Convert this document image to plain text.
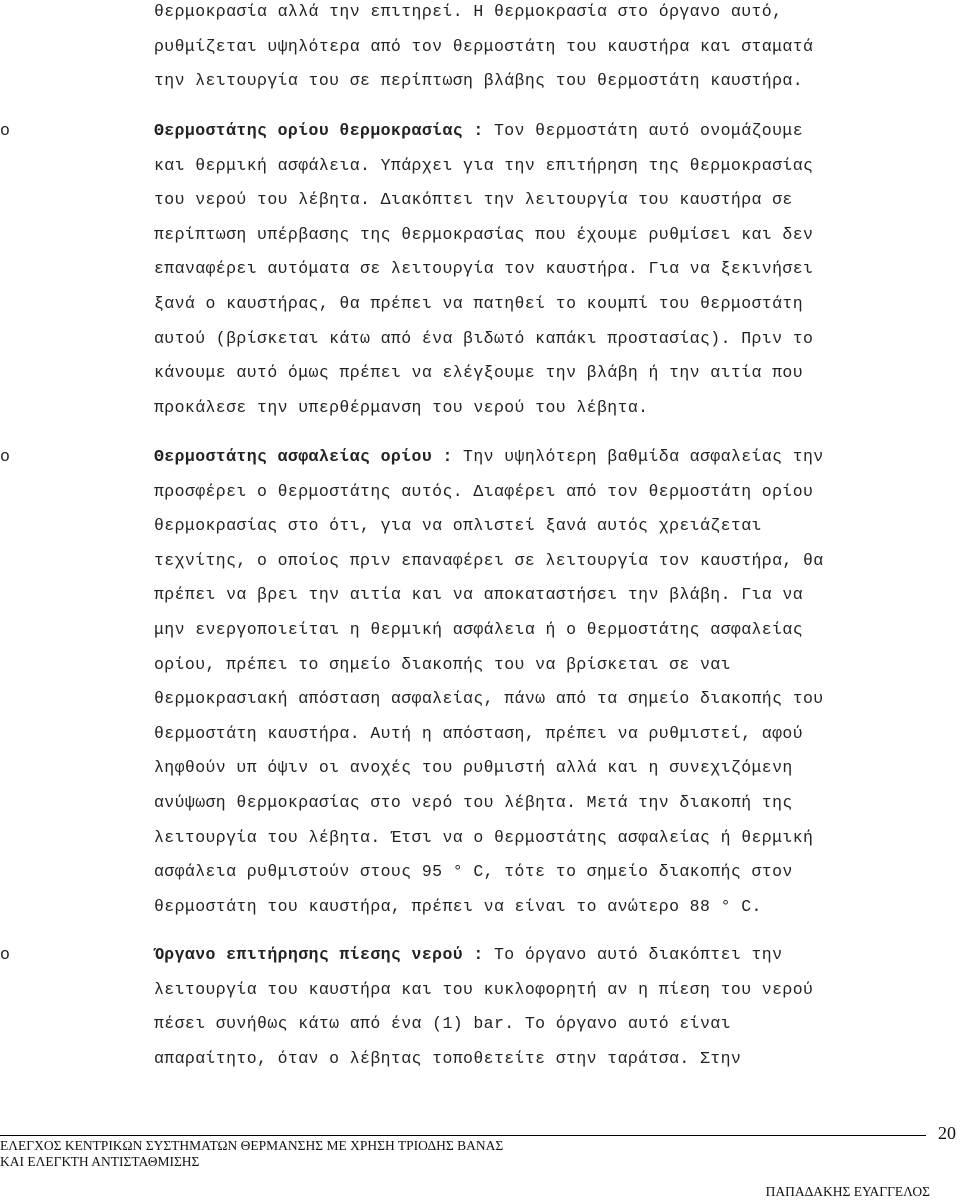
θερμοκρασία αλλά την επιτηρεί. Η θερμοκρασία στο όργανο αυτό,
ρυθμίζεται υψηλότερα από τον θερμοστάτη του καυστήρα και σταματά
την λειτουργία του σε περίπτωση βλάβης του θερμοστάτη καυστήρα.
o	Θερμοστάτης ορίου θερμοκρασίας : Τον θερμοστάτη αυτό ονομάζουμε
και θερμική ασφάλεια. Υπάρχει για την επιτήρηση της θερμοκρασίας
του νερού του λέβητα. Διακόπτει την λειτουργία του καυστήρα σε
περίπτωση υπέρβασης της θερμοκρασίας που έχουμε ρυθμίσει και δεν
επαναφέρει αυτόματα σε λειτουργία τον καυστήρα. Για να ξεκινήσει
ξανά ο καυστήρας, θα πρέπει να πατηθεί το κουμπί του θερμοστάτη
αυτού (βρίσκεται κάτω από ένα βιδωτό καπάκι προστασίας). Πριν το
κάνουμε αυτό όμως πρέπει να ελέγξουμε την βλάβη ή την αιτία που
προκάλεσε την υπερθέρμανση του νερού του λέβητα.
o	Θερμοστάτης ασφαλείας ορίου : Την υψηλότερη βαθμίδα ασφαλείας την
προσφέρει ο θερμοστάτης αυτός. Διαφέρει από τον θερμοστάτη ορίου
θερμοκρασίας στο ότι, για να οπλιστεί ξανά αυτός χρειάζεται
τεχνίτης, ο οποίος πριν επαναφέρει σε λειτουργία τον καυστήρα, θα
πρέπει να βρει την αιτία και να αποκαταστήσει την βλάβη. Για να
μην ενεργοποιείται η θερμική ασφάλεια ή ο θερμοστάτης ασφαλείας
ορίου, πρέπει το σημείο διακοπής του να βρίσκεται σε ναι
θερμοκρασιακή απόσταση ασφαλείας, πάνω από τα σημείο διακοπής του
θερμοστάτη καυστήρα. Αυτή η απόσταση, πρέπει να ρυθμιστεί, αφού
ληφθούν υπ όψιν οι ανοχές του ρυθμιστή αλλά και η συνεχιζόμενη
ανύψωση θερμοκρασίας στο νερό του λέβητα. Μετά την διακοπή της
λειτουργία του λέβητα. Έτσι να ο θερμοστάτης ασφαλείας ή θερμική
ασφάλεια ρυθμιστούν στους 95 ° C, τότε το σημείο διακοπής στον
θερμοστάτη του καυστήρα, πρέπει να είναι το ανώτερο 88 ° C.
o	Όργανο επιτήρησης πίεσης νερού : Το όργανο αυτό διακόπτει την
λειτουργία του καυστήρα και του κυκλοφορητή αν η πίεση του νερού
πέσει συνήθως κάτω από ένα (1) bar. Το όργανο αυτό είναι
απαραίτητο, όταν ο λέβητας τοποθετείτε στην ταράτσα. Στην
ΕΛΕΓΧΟΣ ΚΕΝΤΡΙΚΩΝ ΣΥΣΤΗΜΑΤΩΝ ΘΕΡΜΑΝΣΗΣ ΜΕ ΧΡΗΣΗ ΤΡΙΟΔΗΣ ΒΑΝΑΣ
ΚΑΙ ΕΛΕΓΚΤΗ ΑΝΤΙΣΤΑΘΜΙΣΗΣ
20
ΠΑΠΑΔΑΚΗΣ ΕΥΑΓΓΕΛΟΣ
